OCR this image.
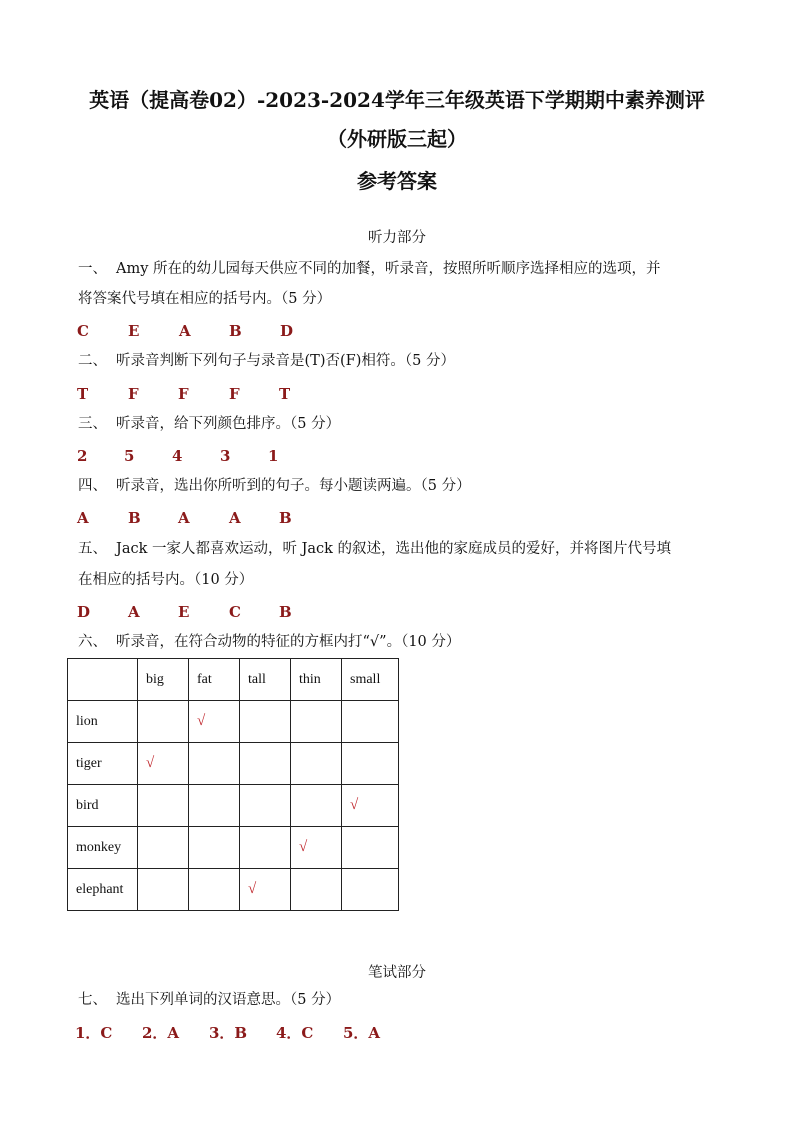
英语（提高卷02）-2023-2024学年三年级英语下学期期中素养测评
（外研版三起）
参考答案
听力部分
一、 Amy 所在的幼儿园每天供应不同的加餐，听录音，按照所听顺序选择相应的选项，并
将答案代号填在相应的括号内。（5 分）
C	E	A	B	D
二、 听录音判断下列句子与录音是(T)否(F)相符。（5 分）
T	F	F	F	T
三、 听录音，给下列颜色排序。（5 分）
2 5	4	3	1
四、 听录音，选出你所听到的句子。每小题读两遍。（5 分）
A	B A	A	B
五、 Jack 一家人都喜欢运动，听 Jack 的叙述，选出他的家庭成员的爱好，并将图片代号填
在相应的括号内。（10 分）
D	A	E	C	B
六、 听录音，在符合动物的特征的方框内打“√”。（10 分）
	big	fat	tall	thin	small
lion		√			
tiger	√				
bird					√
monkey				√	
elephant			√		
笔试部分
七、 选出下列单词的汉语意思。（5 分）
1．C 2．A 3．B 4．C 5．A
